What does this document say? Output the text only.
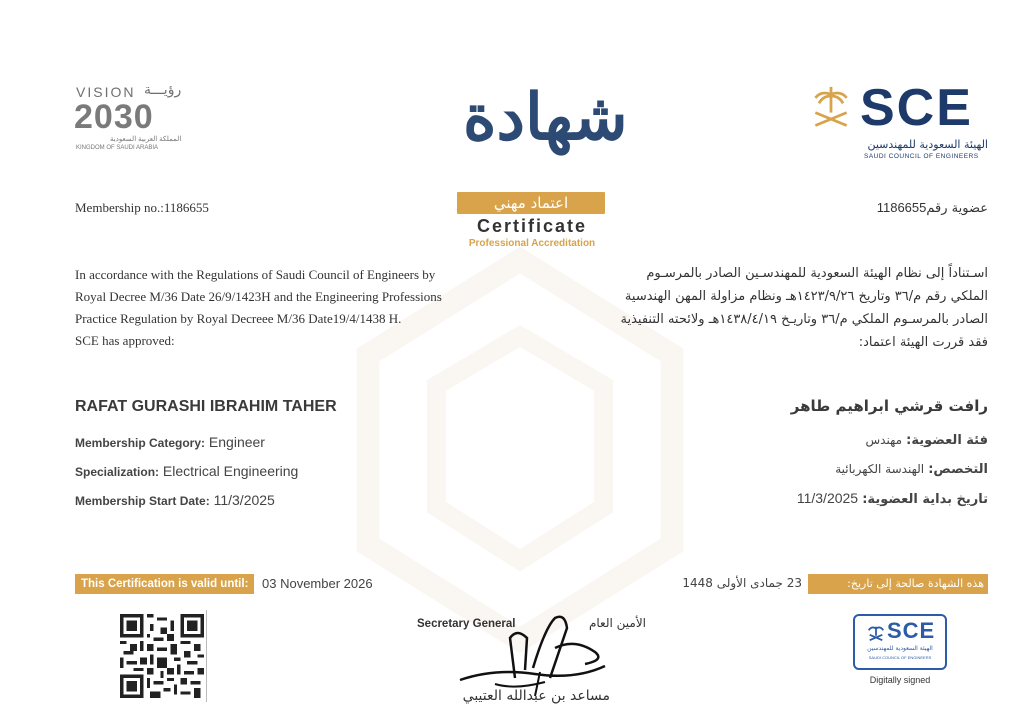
VISION رؤيـــة
2030
المملكة العربية السعودية
KINGDOM OF SAUDI ARABIA	شهادة
اعتماد مهني
Certificate
Professional Accreditation
SCE
الهيئة السعودية للمهندسين
SAUDI COUNCIL OF ENGINEERS
Membership no.:1186655	1186655عضوية رقم
In accordance with the Regulations of Saudi Council of Engineers by
Royal Decree M/36 Date 26/9/1423H and the Engineering Professions
Practice Regulation by Royal Decreee M/36 Date19/4/1438 H.
SCE has approved:
اسـتناداً إلى نظام الهيئة السعودية للمهندسـين الصادر بالمرسـوم
الملكي رقم م/٣٦ وتاريخ ١٤٢٣/٩/٢٦هـ ونظام مزاولة المهن الهندسية
الصادر بالمرسـوم الملكي م/٣٦ وتاريـخ ١٤٣٨/٤/١٩هـ ولائحته التنفيذية
فقد قررت الهيئة اعتماد:
RAFAT GURASHI IBRAHIM TAHER	رافت قرشي ابراهيم طاهر
Membership Category: Engineer
Specialization: Electrical Engineering
Membership Start Date: 11/3/2025
فئة العضوية: مهندس
التخصص: الهندسة الكهربائية
تاريخ بداية العضوية: 11/3/2025
This Certification is valid until:	03 November 2026	23 جمادى الأولى 1448	هذه الشهادة صالحة إلى تاريخ:
Secretary General	الأمين العام
مساعد بن عبدالله العتيبي
SCE
الهيئة السعودية للمهندسين
SAUDI COUNCIL OF ENGINEERS
Digitally signed
